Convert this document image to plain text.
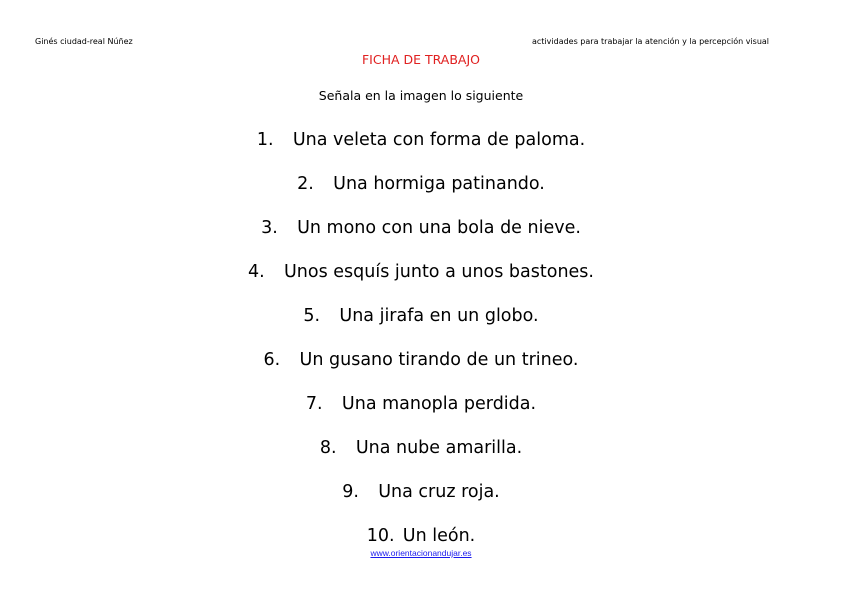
Ginés ciudad-real Núñez	actividades para trabajar la atención y la percepción visual
FICHA DE TRABAJO
Señala en la imagen lo siguiente
1.	Una veleta con forma de paloma.
2.	Una hormiga patinando.
3.	Un mono con una bola de nieve.
4.	Unos esquís junto a unos bastones.
5.	Una jirafa en un globo.
6.	Un gusano tirando de un trineo.
7.	Una manopla perdida.
8.	Una nube amarilla.
9.	Una cruz roja.
10. Un león.
www.orientacionandujar.es
